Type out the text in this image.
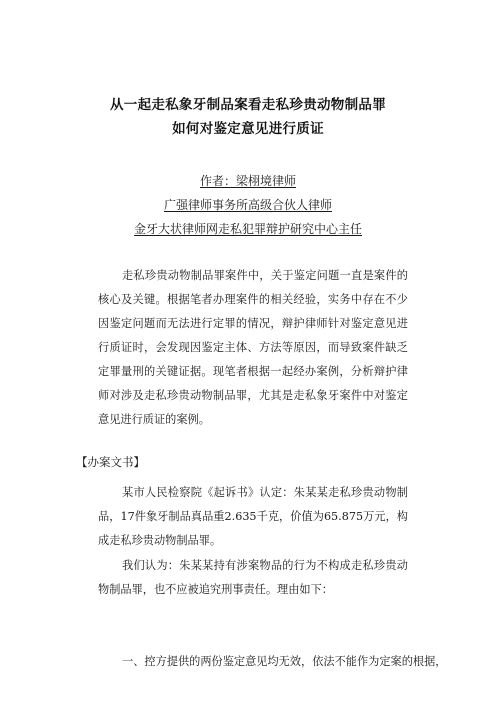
从一起走私象牙制品案看走私珍贵动物制品罪
如何对鉴定意见进行质证
作者：梁栩境律师
广强律师事务所高级合伙人律师
金牙大状律师网走私犯罪辩护研究中心主任

走私珍贵动物制品罪案件中，关于鉴定问题一直是案件的核心及关键。根据笔者办理案件的相关经验，实务中存在不少因鉴定问题而无法进行定罪的情况，辩护律师针对鉴定意见进行质证时，会发现因鉴定主体、方法等原因，而导致案件缺乏定罪量刑的关键证据。现笔者根据一起经办案例，分析辩护律师对涉及走私珍贵动物制品罪，尤其是走私象牙案件中对鉴定意见进行质证的案例。

【办案文书】

某市人民检察院《起诉书》认定：朱某某走私珍贵动物制品，17件象牙制品真品重2.635千克，价值为65.875万元，构成走私珍贵动物制品罪。

我们认为：朱某某持有涉案物品的行为不构成走私珍贵动物制品罪，也不应被追究刑事责任。理由如下：

一、控方提供的两份鉴定意见均无效，依法不能作为定案的根据，
